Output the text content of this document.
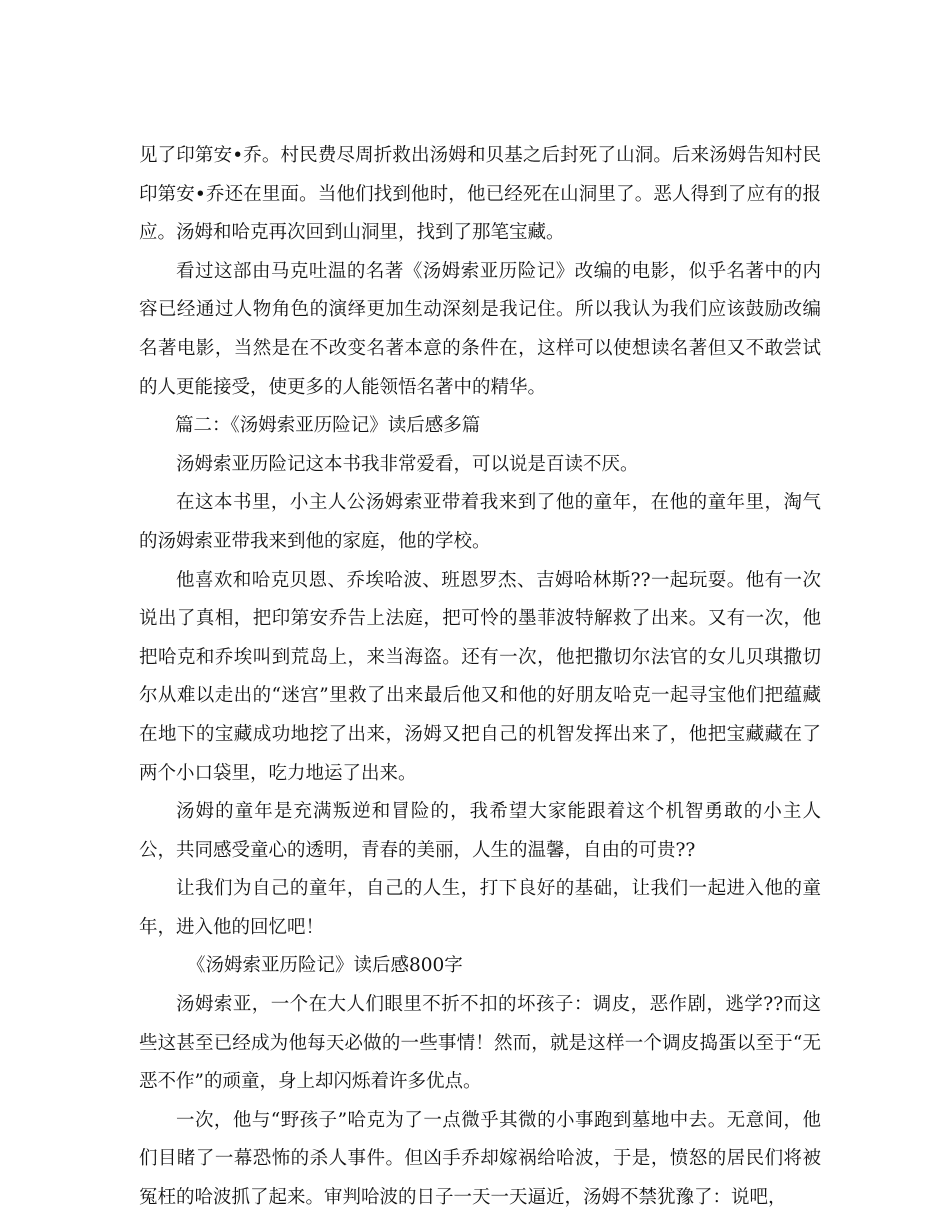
见了印第安•乔。村民费尽周折救出汤姆和贝基之后封死了山洞。后来汤姆告知村民印第安•乔还在里面。当他们找到他时，他已经死在山洞里了。恶人得到了应有的报应。汤姆和哈克再次回到山洞里，找到了那笔宝藏。

看过这部由马克吐温的名著《汤姆索亚历险记》改编的电影，似乎名著中的内容已经通过人物角色的演绎更加生动深刻是我记住。所以我认为我们应该鼓励改编名著电影，当然是在不改变名著本意的条件在，这样可以使想读名著但又不敢尝试的人更能接受，使更多的人能领悟名著中的精华。

篇二：《汤姆索亚历险记》读后感多篇

汤姆索亚历险记这本书我非常爱看，可以说是百读不厌。

在这本书里，小主人公汤姆索亚带着我来到了他的童年，在他的童年里，淘气的汤姆索亚带我来到他的家庭，他的学校。

他喜欢和哈克贝恩、乔埃哈波、班恩罗杰、吉姆哈林斯??一起玩耍。他有一次说出了真相，把印第安乔告上法庭，把可怜的墨菲波特解救了出来。又有一次，他把哈克和乔埃叫到荒岛上，来当海盗。还有一次，他把撒切尔法官的女儿贝琪撒切尔从难以走出的“迷宫”里救了出来最后他又和他的好朋友哈克一起寻宝他们把蕴藏在地下的宝藏成功地挖了出来，汤姆又把自己的机智发挥出来了，他把宝藏藏在了两个小口袋里，吃力地运了出来。

汤姆的童年是充满叛逆和冒险的，我希望大家能跟着这个机智勇敢的小主人公，共同感受童心的透明，青春的美丽，人生的温馨，自由的可贵??

让我们为自己的童年，自己的人生，打下良好的基础，让我们一起进入他的童年，进入他的回忆吧！

《汤姆索亚历险记》读后感800字

汤姆索亚，一个在大人们眼里不折不扣的坏孩子：调皮，恶作剧，逃学??而这些这甚至已经成为他每天必做的一些事情！然而，就是这样一个调皮捣蛋以至于“无恶不作”的顽童，身上却闪烁着许多优点。

一次，他与“野孩子”哈克为了一点微乎其微的小事跑到墓地中去。无意间，他们目睹了一幕恐怖的杀人事件。但凶手乔却嫁祸给哈波，于是，愤怒的居民们将被冤枉的哈波抓了起来。审判哈波的日子一天一天逼近，汤姆不禁犹豫了：说吧，
